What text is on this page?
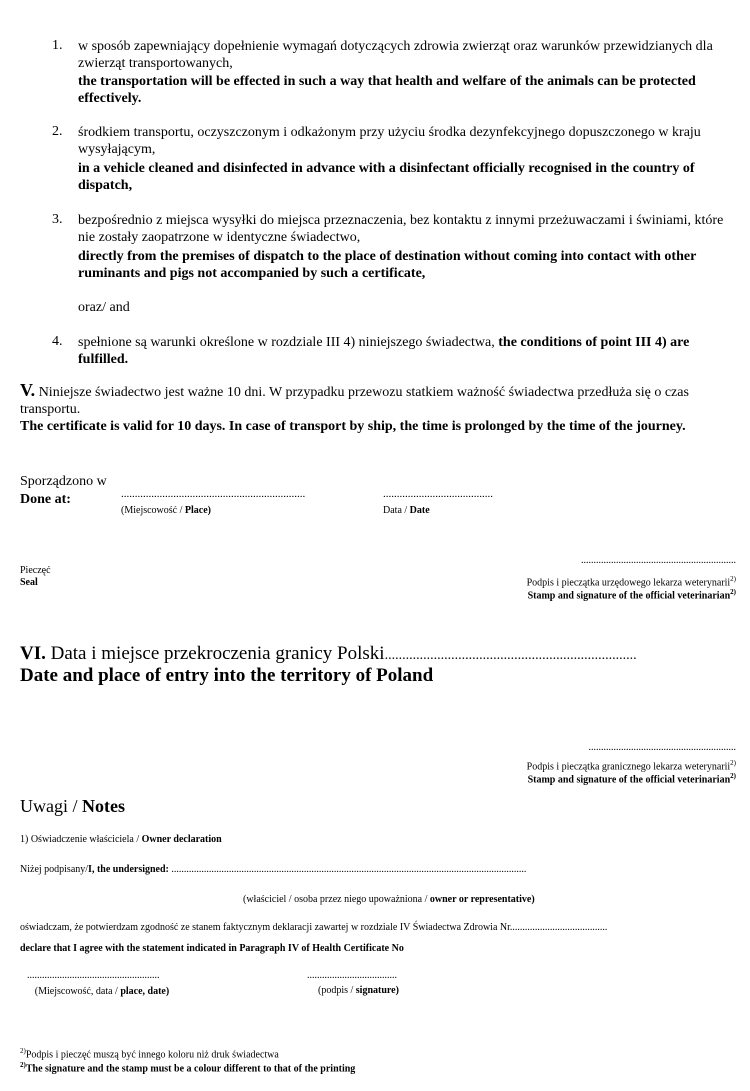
1. w sposób zapewniający dopełnienie wymagań dotyczących zdrowia zwierząt oraz warunków przewidzianych dla zwierząt transportowanych,
the transportation will be effected in such a way that health and welfare of the animals can be protected effectively.
2. środkiem transportu, oczyszczonym i odkażonym przy użyciu środka dezynfekcyjnego dopuszczonego w kraju wysyłającym,
in a vehicle cleaned and disinfected in advance with a disinfectant officially recognised in the country of dispatch,
3. bezpośrednio z miejsca wysyłki do miejsca przeznaczenia, bez kontaktu z innymi przeżuwaczami i świniami, które nie zostały zaopatrzone w identyczne świadectwo,
directly from the premises of dispatch to the place of destination without coming into contact with other ruminants and pigs not accompanied by such a certificate,
oraz/ and
4. spełnione są warunki określone w rozdziale III 4) niniejszego świadectwa, the conditions of point III 4) are fulfilled.
V. Niniejsze świadectwo jest ważne 10 dni. W przypadku przewozu statkiem ważność świadectwa przedłuża się o czas transportu.
The certificate is valid for 10 days. In case of transport by ship, the time is prolonged by the time of the journey.
Sporządzono w
Done at:	...................................................................
(Miejscowość / Place)
........................................
Data / Date
Pieczęć
Seal
..............................................................
Podpis i pieczątka urzędowego lekarza weterynarii$^{2)}$
Stamp and signature of the official veterinarian$^{2)}$
VI. Data i miejsce przekroczenia granicy Polski........................................................................
Date and place of entry into the territory of Poland
...........................................................
Podpis i pieczątka granicznego lekarza weterynarii$^{2)}$
Stamp and signature of the official veterinarian$^{2)}$
Uwagi / Notes
1) Oświadczenie właściciela / Owner declaration
Niżej podpisany/I, the undersigned: ..............................................................................................................................................
(właściciel / osoba przez niego upoważniona / owner or representative)
oświadczam, że potwierdzam zgodność ze stanem faktycznym deklaracji zawartej w rozdziale IV Świadectwa Zdrowia Nr.......................................
declare that I agree with the statement indicated in Paragraph IV of Health Certificate No
.....................................................
(Miejscowość, data / place, date)
....................................
(podpis / signature)
$^{2)}$Podpis i pieczęć muszą być innego koloru niż druk świadectwa
$^{2)}$The signature and the stamp must be a colour different to that of the printing
